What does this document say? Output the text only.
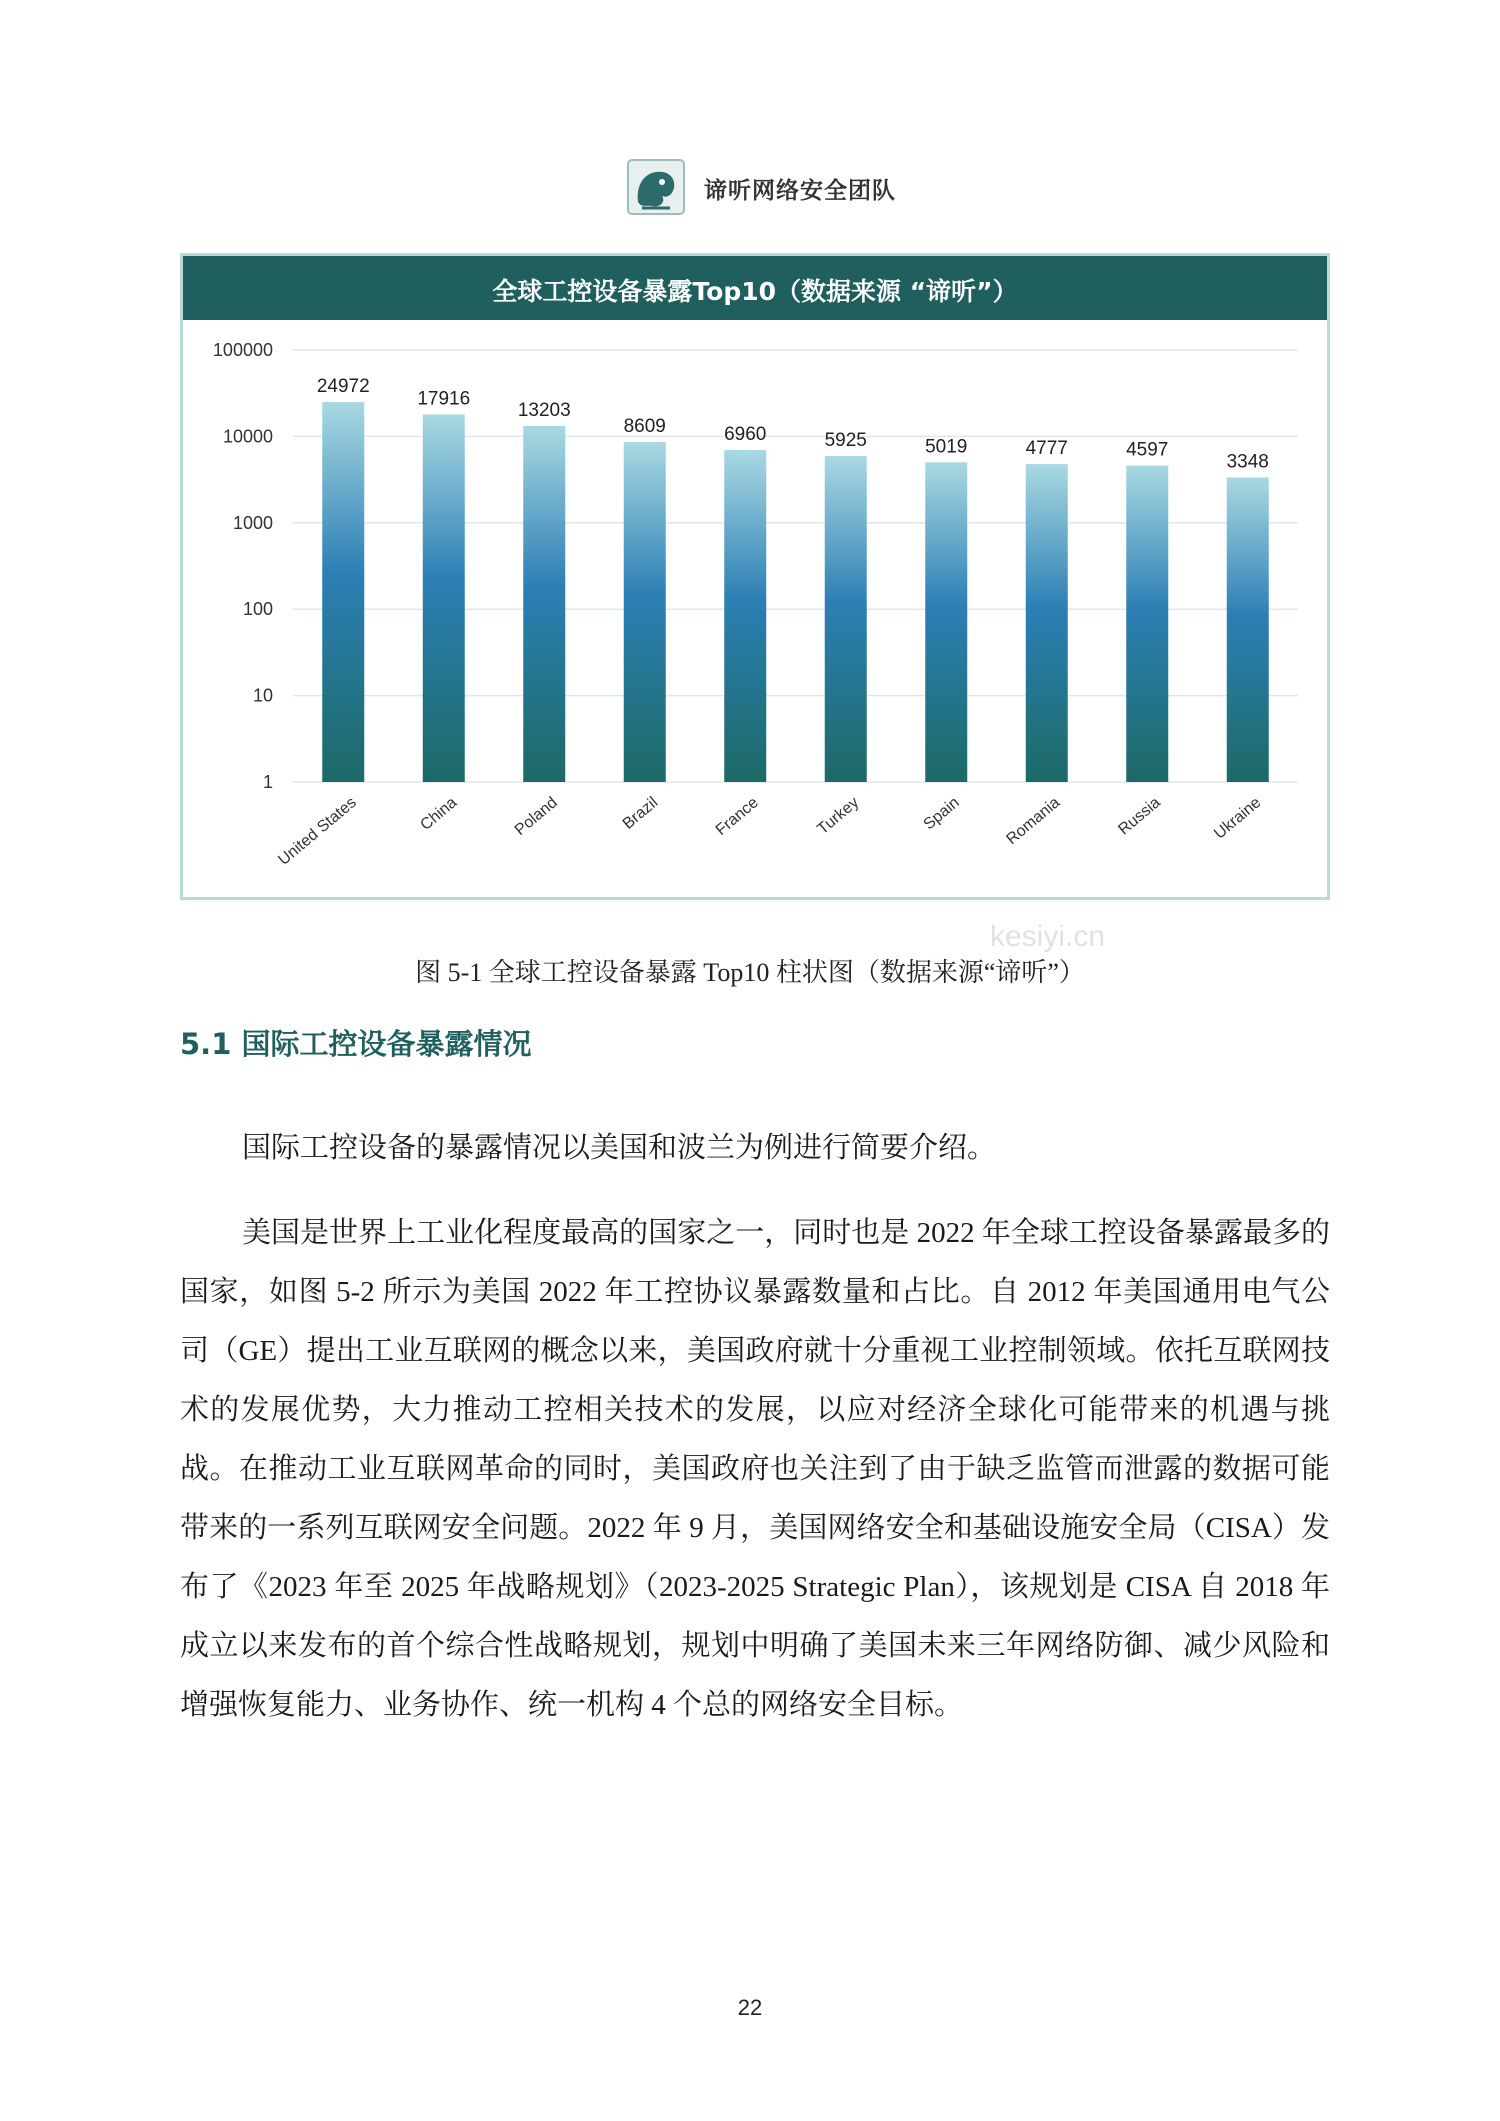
谛听网络安全团队
全球工控设备暴露Top10（数据来源 “谛听”）
1
10
100
1000
10000
100000
24972
United States
17916
China
13203
Poland
8609
Brazil
6960
France
5925
Turkey
5019
Spain
4777
Romania
4597
Russia
3348
Ukraine
图 5-1 全球工控设备暴露 Top10 柱状图（数据来源“谛听”）
5.1 国际工控设备暴露情况

国际工控设备的暴露情况以美国和波兰为例进行简要介绍。

美国是世界上工业化程度最高的国家之一，同时也是 2022 年全球工控设备暴露最多的国家，如图 5-2 所示为美国 2022 年工控协议暴露数量和占比。自 2012 年美国通用电气公司（GE）提出工业互联网的概念以来，美国政府就十分重视工业控制领域。依托互联网技术的发展优势，大力推动工控相关技术的发展，以应对经济全球化可能带来的机遇与挑战。在推动工业互联网革命的同时，美国政府也关注到了由于缺乏监管而泄露的数据可能带来的一系列互联网安全问题。2022 年 9 月，美国网络安全和基础设施安全局（CISA）发布了《2023 年至 2025 年战略规划》（2023-2025 Strategic Plan），该规划是 CISA 自 2018 年成立以来发布的首个综合性战略规划，规划中明确了美国未来三年网络防御、减少风险和增强恢复能力、业务协作、统一机构 4 个总的网络安全目标。

kesiyi.cn
22
